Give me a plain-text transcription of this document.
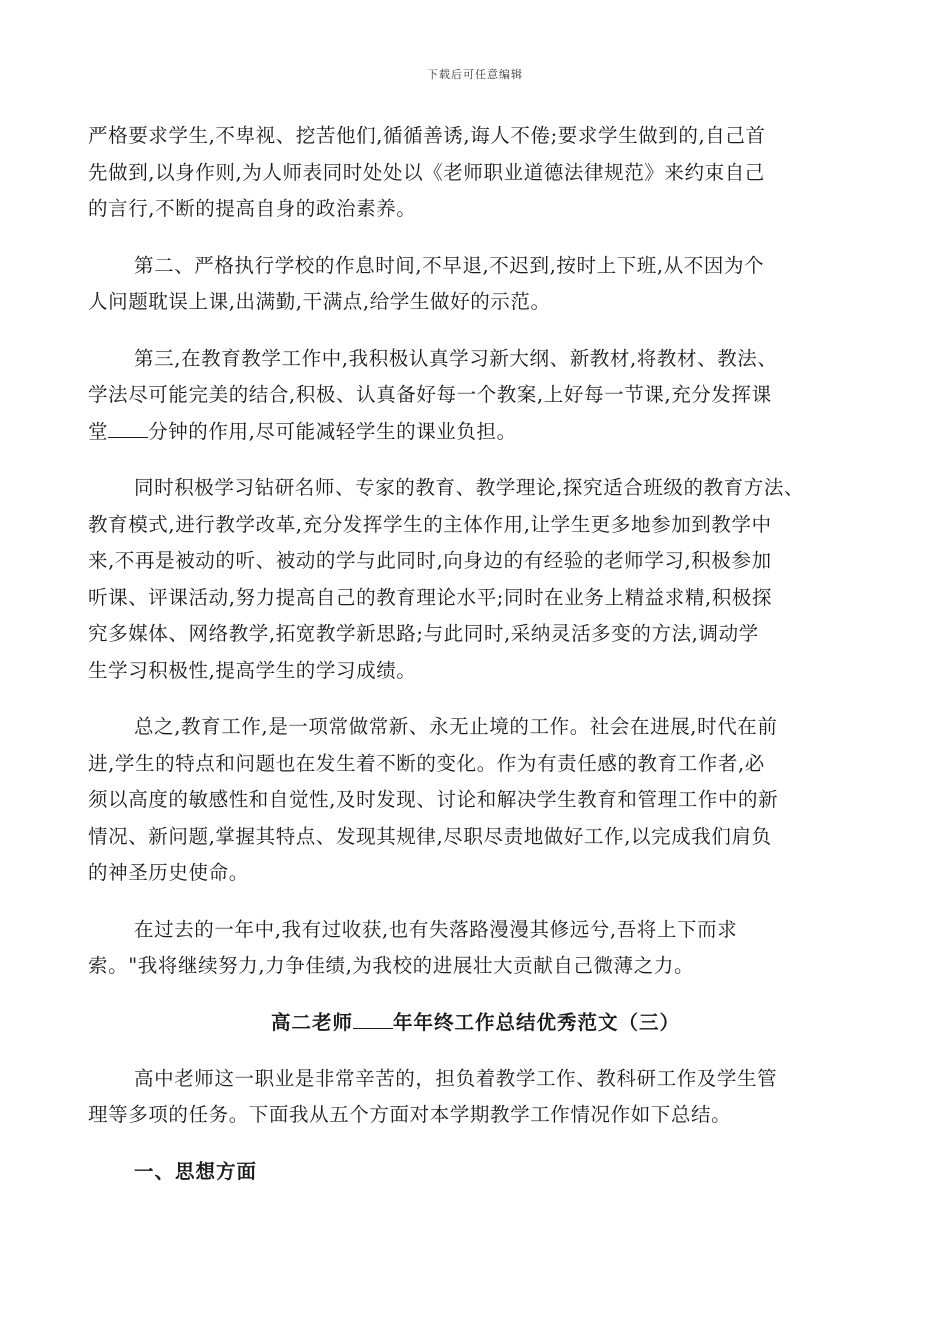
下载后可任意编辑

严格要求学生,不卑视、挖苦他们,循循善诱,诲人不倦;要求学生做到的,自己首
先做到,以身作则,为人师表同时处处以《老师职业道德法律规范》来约束自己
的言行,不断的提高自身的政治素养。

第二、严格执行学校的作息时间,不早退,不迟到,按时上下班,从不因为个
人问题耽误上课,出满勤,干满点,给学生做好的示范。

第三,在教育教学工作中,我积极认真学习新大纲、新教材,将教材、教法、
学法尽可能完美的结合,积极、认真备好每一个教案,上好每一节课,充分发挥课
堂 分钟的作用,尽可能减轻学生的课业负担。

同时积极学习钻研名师、专家的教育、教学理论,探究适合班级的教育方法、
教育模式,进行教学改革,充分发挥学生的主体作用,让学生更多地参加到教学中
来,不再是被动的听、被动的学与此同时,向身边的有经验的老师学习,积极参加
听课、评课活动,努力提高自己的教育理论水平;同时在业务上精益求精,积极探
究多媒体、网络教学,拓宽教学新思路;与此同时,采纳灵活多变的方法,调动学
生学习积极性,提高学生的学习成绩。

总之,教育工作,是一项常做常新、永无止境的工作。社会在进展,时代在前
进,学生的特点和问题也在发生着不断的变化。作为有责任感的教育工作者,必
须以高度的敏感性和自觉性,及时发现、讨论和解决学生教育和管理工作中的新
情况、新问题,掌握其特点、发现其规律,尽职尽责地做好工作,以完成我们肩负
的神圣历史使命。

在过去的一年中,我有过收获,也有失落路漫漫其修远兮,吾将上下而求
索。"我将继续努力,力争佳绩,为我校的进展壮大贡献自己微薄之力。

高二老师 年年终工作总结优秀范文（三）

高中老师这一职业是非常辛苦的，担负着教学工作、教科研工作及学生管
理等多项的任务。下面我从五个方面对本学期教学工作情况作如下总结。

一、思想方面
